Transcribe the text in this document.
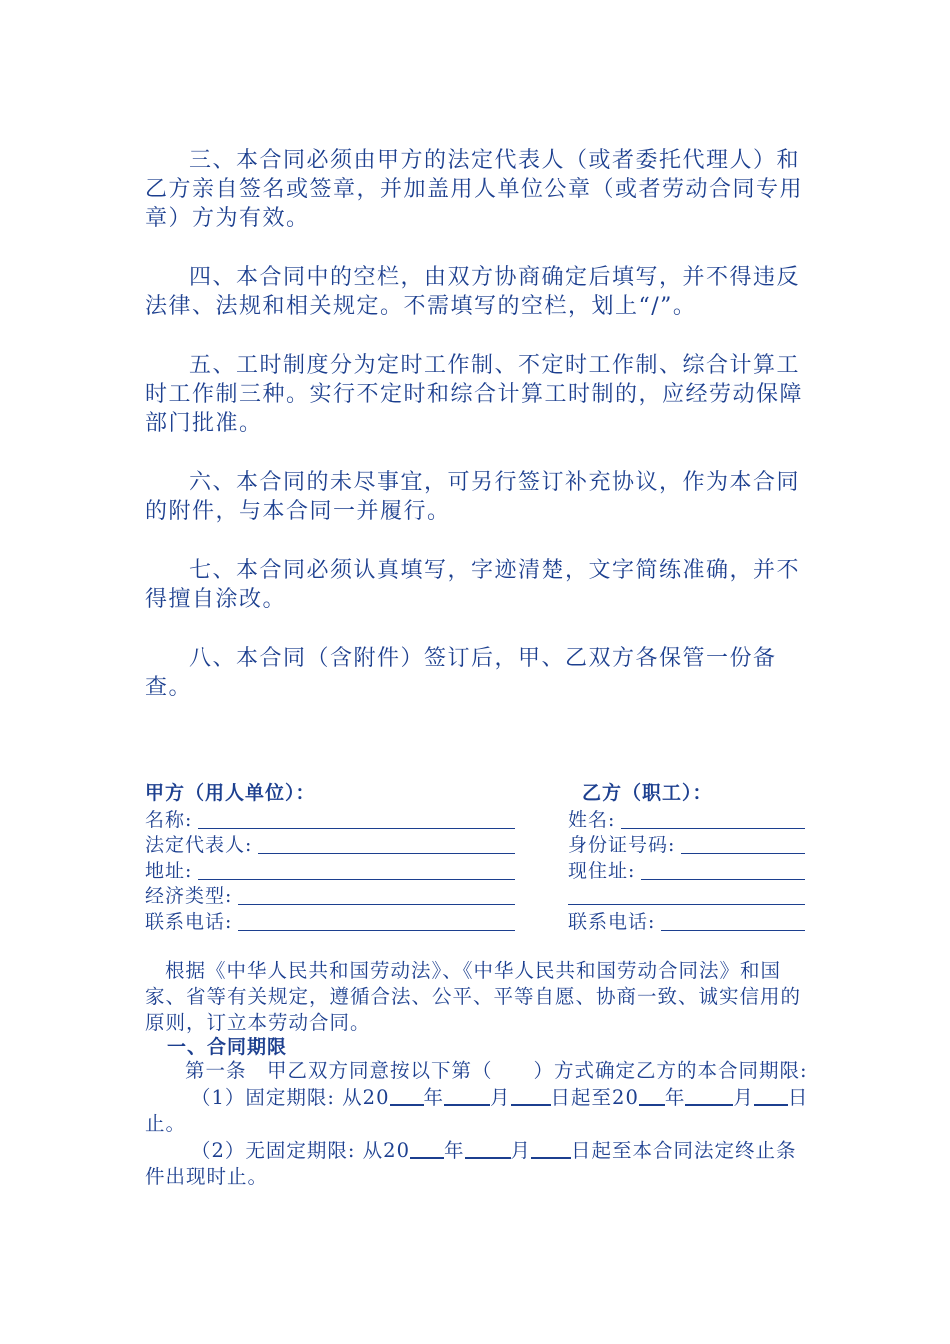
三、本合同必须由甲方的法定代表人（或者委托代理人）和乙方亲自签名或签章，并加盖用人单位公章（或者劳动合同专用章）方为有效。

四、本合同中的空栏，由双方协商确定后填写，并不得违反法律、法规和相关规定。不需填写的空栏，划上“/”。

五、工时制度分为定时工作制、不定时工作制、综合计算工时工作制三种。实行不定时和综合计算工时制的，应经劳动保障部门批准。

六、本合同的未尽事宜，可另行签订补充协议，作为本合同的附件，与本合同一并履行。

七、本合同必须认真填写，字迹清楚，文字简练准确，并不得擅自涂改。

八、本合同（含附件）签订后，甲、乙双方各保管一份备查。

甲方（用人单位）：
名称:
法定代表人:
地址:
经济类型:
联系电话:
乙方（职工）：
姓名:
身份证号码:
现住址:
联系电话:

根据《中华人民共和国劳动法》、《中华人民共和国劳动合同法》和国家、省等有关规定，遵循合法、公平、平等自愿、协商一致、诚实信用的原则，订立本劳动合同。

一、合同期限

第一条　甲乙双方同意按以下第（　　）方式确定乙方的本合同期限:

（1）固定期限: 从20 年 月 日起至20 年 月 日止。

（2）无固定期限: 从20 年 月 日起至本合同法定终止条件出现时止。
